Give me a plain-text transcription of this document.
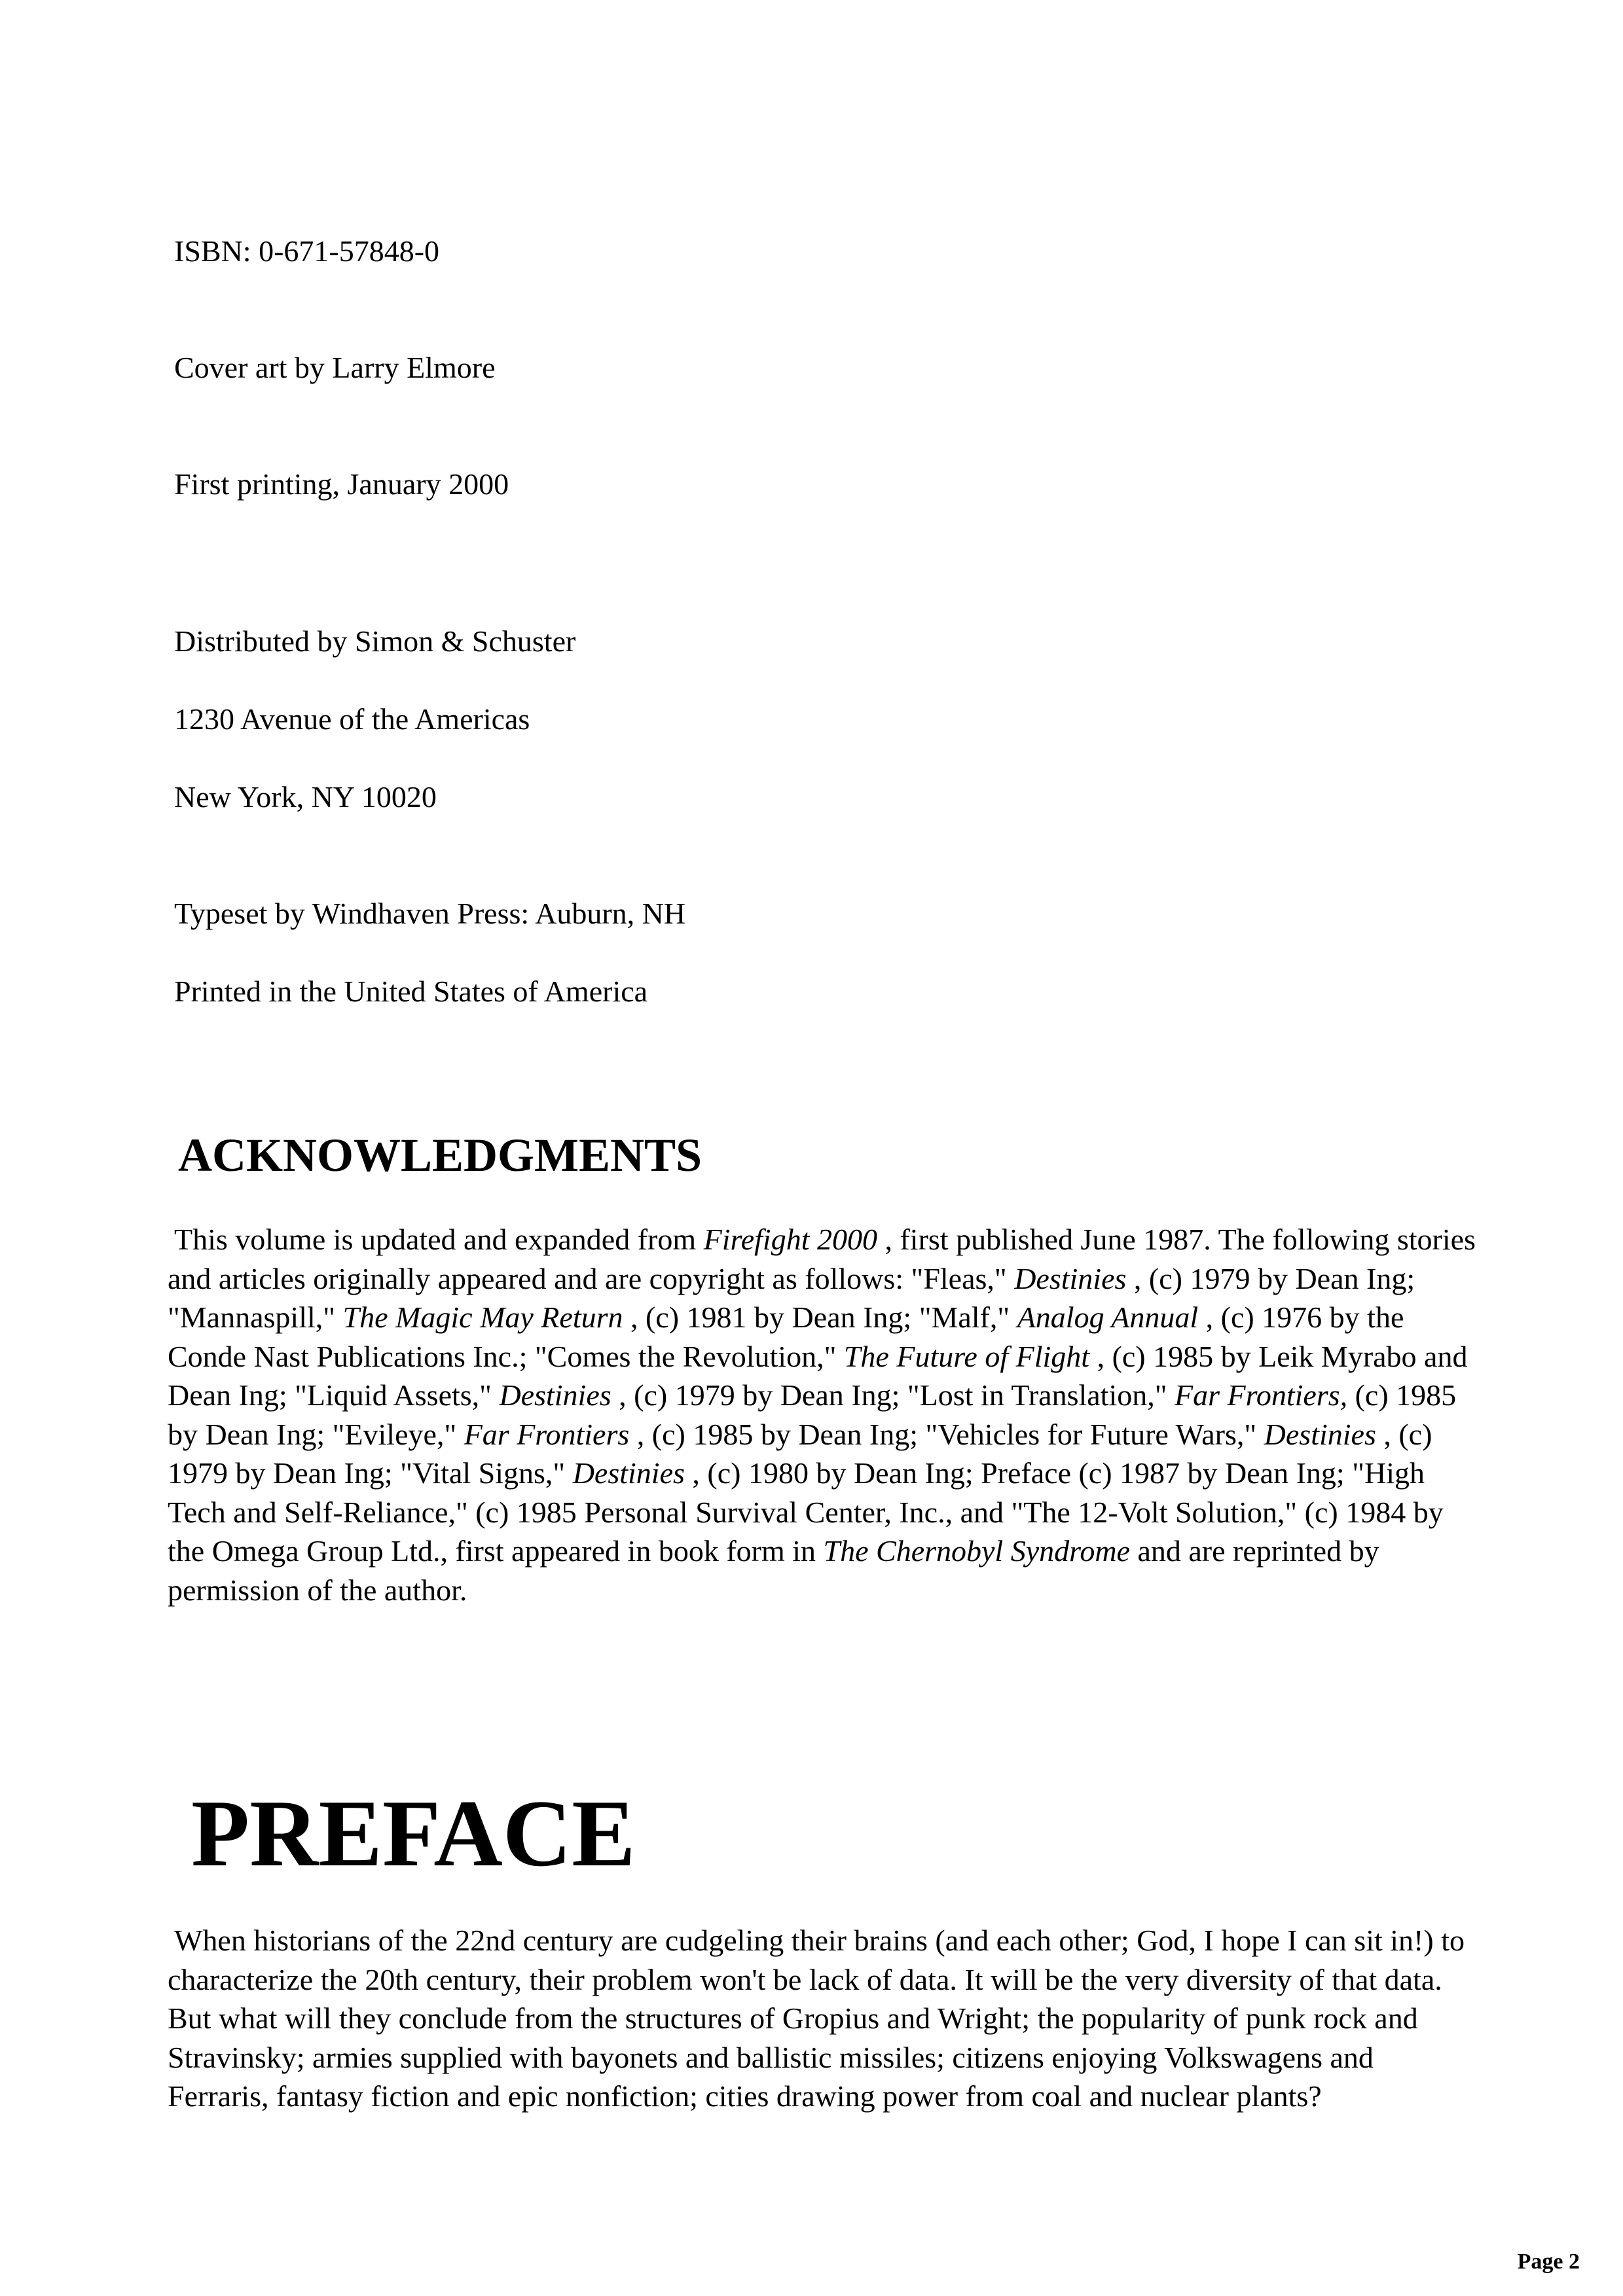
ISBN: 0-671-57848-0

Cover art by Larry Elmore

First printing, January 2000

Distributed by Simon & Schuster

1230 Avenue of the Americas

New York, NY 10020

Typeset by Windhaven Press: Auburn, NH

Printed in the United States of America

ACKNOWLEDGMENTS

This volume is updated and expanded from Firefight 2000 , first published June 1987. The following stories and articles originally appeared and are copyright as follows: "Fleas," Destinies , (c) 1979 by Dean Ing; "Mannaspill," The Magic May Return , (c) 1981 by Dean Ing; "Malf," Analog Annual , (c) 1976 by the Conde Nast Publications Inc.; "Comes the Revolution," The Future of Flight , (c) 1985 by Leik Myrabo and Dean Ing; "Liquid Assets," Destinies , (c) 1979 by Dean Ing; "Lost in Translation," Far Frontiers, (c) 1985 by Dean Ing; "Evileye," Far Frontiers , (c) 1985 by Dean Ing; "Vehicles for Future Wars," Destinies , (c) 1979 by Dean Ing; "Vital Signs," Destinies , (c) 1980 by Dean Ing; Preface (c) 1987 by Dean Ing; "High Tech and Self-Reliance," (c) 1985 Personal Survival Center, Inc., and "The 12-Volt Solution," (c) 1984 by the Omega Group Ltd., first appeared in book form in The Chernobyl Syndrome and are reprinted by permission of the author.

PREFACE

When historians of the 22nd century are cudgeling their brains (and each other; God, I hope I can sit in!) to characterize the 20th century, their problem won't be lack of data. It will be the very diversity of that data. But what will they conclude from the structures of Gropius and Wright; the popularity of punk rock and Stravinsky; armies supplied with bayonets and ballistic missiles; citizens enjoying Volkswagens and Ferraris, fantasy fiction and epic nonfiction; cities drawing power from coal and nuclear plants?

Page 2
